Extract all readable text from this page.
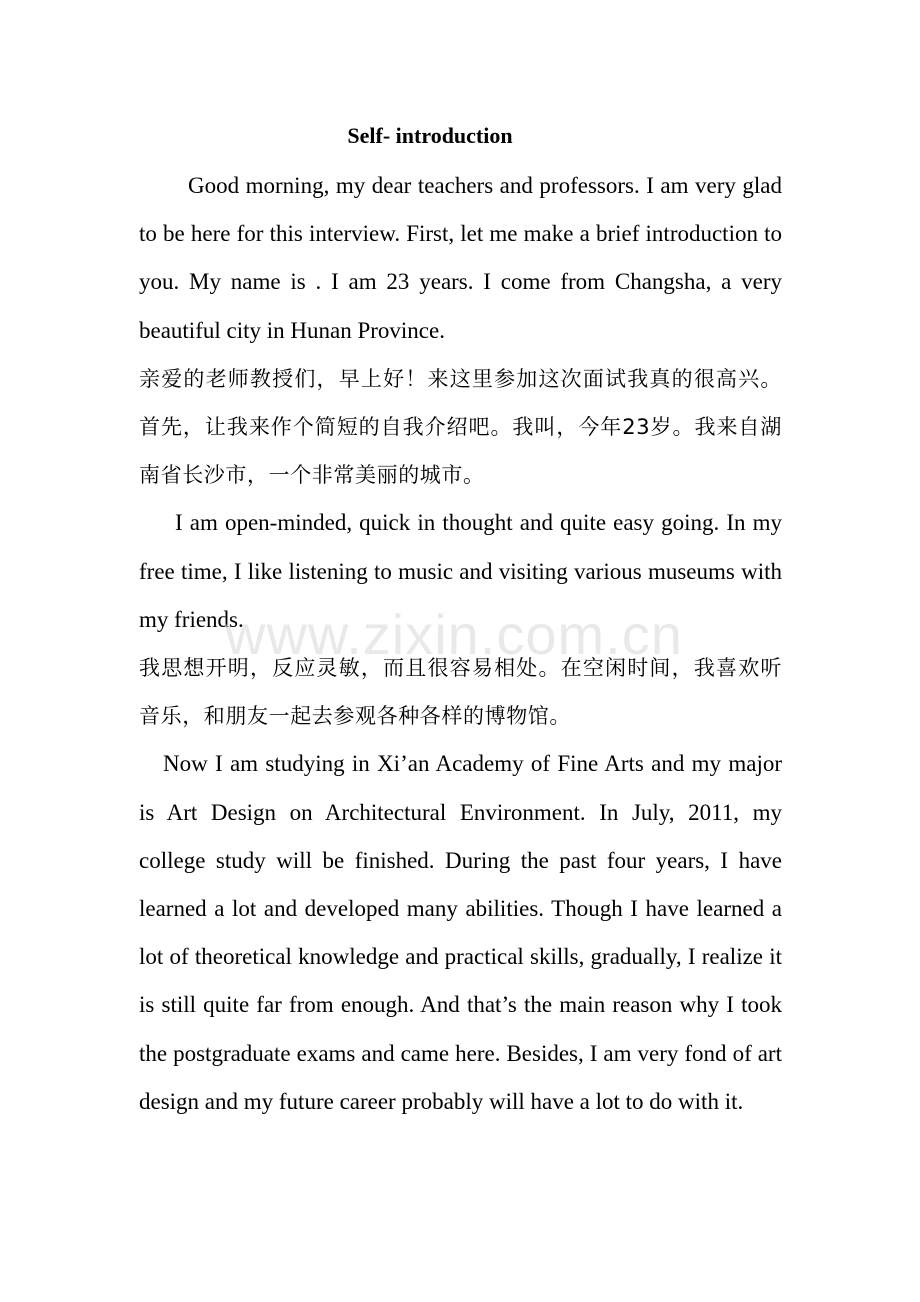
Self- introduction

Good morning, my dear teachers and professors. I am very glad to be here for this interview. First, let me make a brief introduction to you. My name is . I am 23 years. I come from Changsha, a very beautiful city in Hunan Province.

亲爱的老师教授们，早上好！来这里参加这次面试我真的很高兴。首先，让我来作个简短的自我介绍吧。我叫，今年23岁。我来自湖南省长沙市，一个非常美丽的城市。

I am open-minded, quick in thought and quite easy going. In my free time, I like listening to music and visiting various museums with my friends.

我思想开明，反应灵敏，而且很容易相处。在空闲时间，我喜欢听音乐，和朋友一起去参观各种各样的博物馆。

Now I am studying in Xi’an Academy of Fine Arts and my major is Art Design on Architectural Environment. In July, 2011, my college study will be finished. During the past four years, I have learned a lot and developed many abilities. Though I have learned a lot of theoretical knowledge and practical skills, gradually, I realize it is still quite far from enough. And that’s the main reason why I took the postgraduate exams and came here. Besides, I am very fond of art design and my future career probably will have a lot to do with it.

www.zixin.com.cn
